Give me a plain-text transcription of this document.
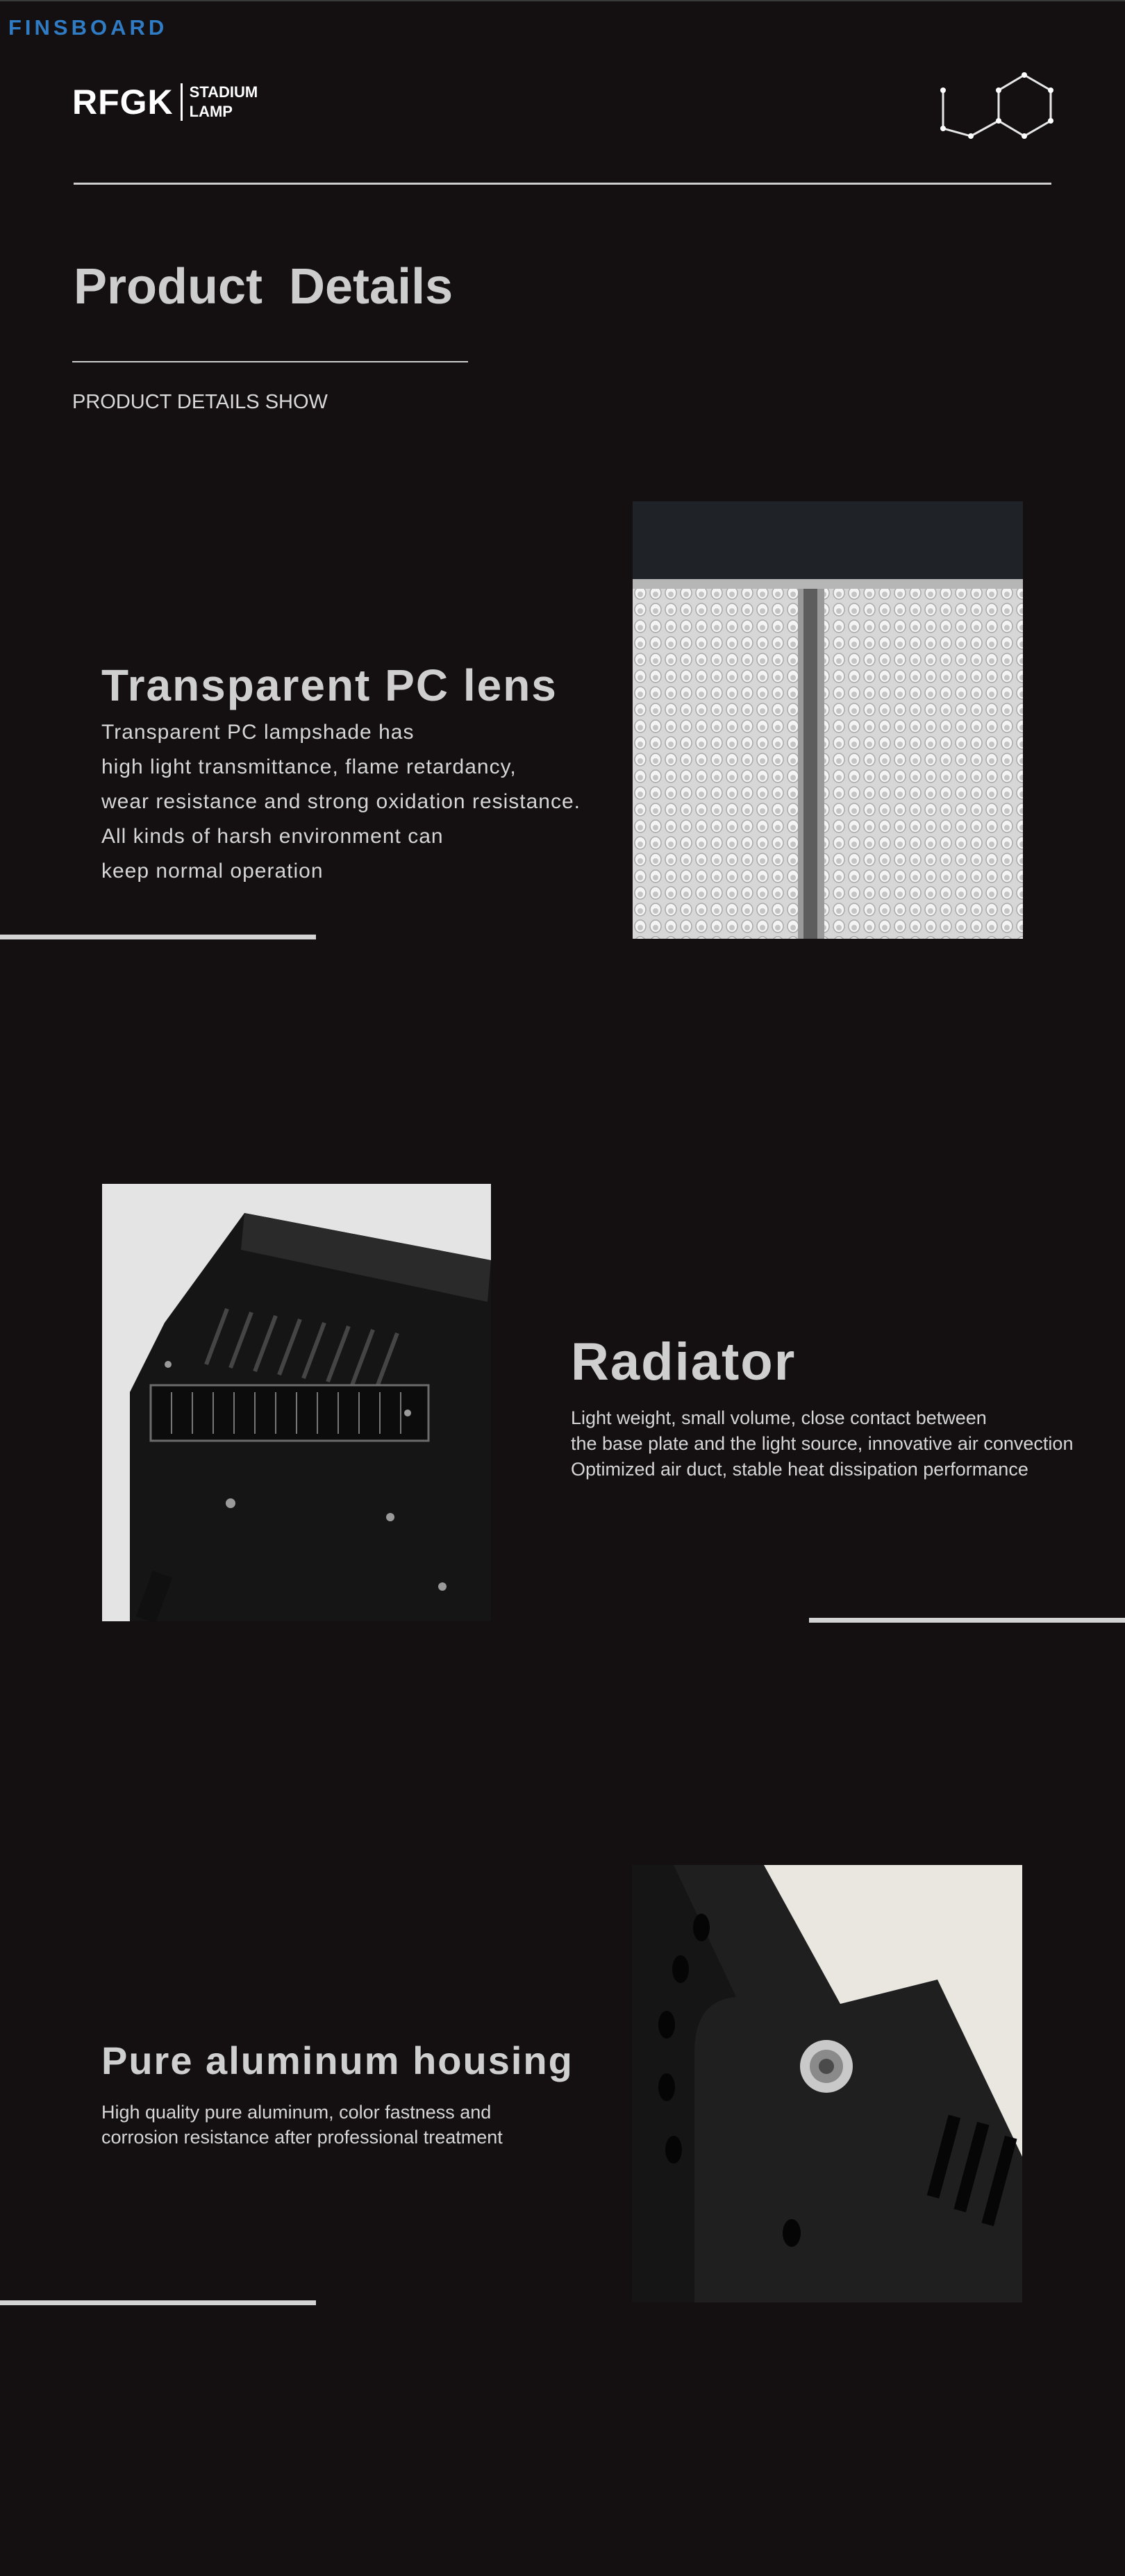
FINSBOARD
RFGK STADIUM
LAMP
Product Details
PRODUCT DETAILS SHOW
Transparent PC lens
Transparent PC lampshade has
high light transmittance, flame retardancy,
wear resistance and strong oxidation resistance.
All kinds of harsh environment can
keep normal operation
Radiator
Light weight, small volume, close contact between
the base plate and the light source, innovative air convection
Optimized air duct, stable heat dissipation performance
Pure aluminum housing
High quality pure aluminum, color fastness and
corrosion resistance after professional treatment
